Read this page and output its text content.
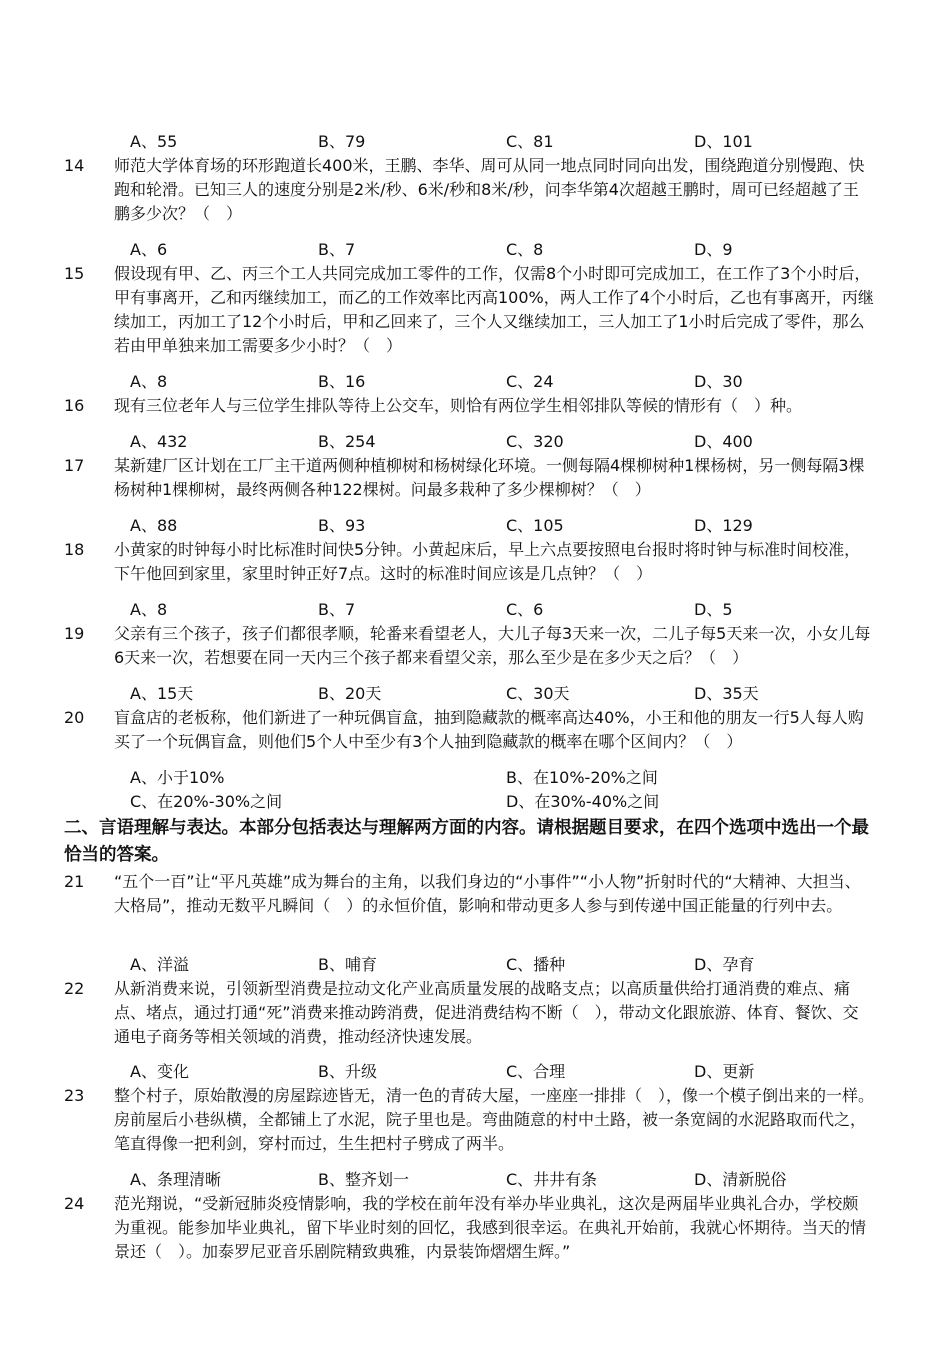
A、55	B、79	C、81	D、101
14	师范大学体育场的环形跑道长400米，王鹏、李华、周可从同一地点同时同向出发，围绕跑道分别慢跑、快跑和轮滑。已知三人的速度分别是2米/秒、6米/秒和8米/秒，问李华第4次超越王鹏时，周可已经超越了王鹏多少次？（　）
A、6	B、7	C、8	D、9
15	假设现有甲、乙、丙三个工人共同完成加工零件的工作，仅需8个小时即可完成加工，在工作了3个小时后，甲有事离开，乙和丙继续加工，而乙的工作效率比丙高100%，两人工作了4个小时后，乙也有事离开，丙继续加工，丙加工了12个小时后，甲和乙回来了，三个人又继续加工，三人加工了1小时后完成了零件，那么若由甲单独来加工需要多少小时？（　）
A、8	B、16	C、24	D、30
16	现有三位老年人与三位学生排队等待上公交车，则恰有两位学生相邻排队等候的情形有（　）种。
A、432	B、254	C、320	D、400
17	某新建厂区计划在工厂主干道两侧种植柳树和杨树绿化环境。一侧每隔4棵柳树种1棵杨树，另一侧每隔3棵杨树种1棵柳树，最终两侧各种122棵树。问最多栽种了多少棵柳树？（　）
A、88	B、93	C、105	D、129
18	小黄家的时钟每小时比标准时间快5分钟。小黄起床后，早上六点要按照电台报时将时钟与标准时间校准，下午他回到家里，家里时钟正好7点。这时的标准时间应该是几点钟？（　）
A、8	B、7	C、6	D、5
19	父亲有三个孩子，孩子们都很孝顺，轮番来看望老人，大儿子每3天来一次，二儿子每5天来一次，小女儿每6天来一次，若想要在同一天内三个孩子都来看望父亲，那么至少是在多少天之后？（　）
A、15天	B、20天	C、30天	D、35天
20	盲盒店的老板称，他们新进了一种玩偶盲盒，抽到隐藏款的概率高达40%，小王和他的朋友一行5人每人购买了一个玩偶盲盒，则他们5个人中至少有3个人抽到隐藏款的概率在哪个区间内？（　）
A、小于10%	B、在10%-20%之间
C、在20%-30%之间	D、在30%-40%之间
二、言语理解与表达。本部分包括表达与理解两方面的内容。请根据题目要求，在四个选项中选出一个最恰当的答案。
21	“五个一百”让“平凡英雄”成为舞台的主角，以我们身边的“小事件”“小人物”折射时代的“大精神、大担当、大格局”，推动无数平凡瞬间（　）的永恒价值，影响和带动更多人参与到传递中国正能量的行列中去。
A、洋溢	B、哺育	C、播种	D、孕育
22	从新消费来说，引领新型消费是拉动文化产业高质量发展的战略支点；以高质量供给打通消费的难点、痛点、堵点，通过打通“死”消费来推动跨消费，促进消费结构不断（　），带动文化跟旅游、体育、餐饮、交通电子商务等相关领域的消费，推动经济快速发展。
A、变化	B、升级	C、合理	D、更新
23	整个村子，原始散漫的房屋踪迹皆无，清一色的青砖大屋，一座座一排排（　），像一个模子倒出来的一样。房前屋后小巷纵横，全都铺上了水泥，院子里也是。弯曲随意的村中土路，被一条宽阔的水泥路取而代之，笔直得像一把利剑，穿村而过，生生把村子劈成了两半。
A、条理清晰	B、整齐划一	C、井井有条	D、清新脱俗
24	范光翔说，“受新冠肺炎疫情影响，我的学校在前年没有举办毕业典礼，这次是两届毕业典礼合办，学校颇为重视。能参加毕业典礼，留下毕业时刻的回忆，我感到很幸运。在典礼开始前，我就心怀期待。当天的情景还（　）。加泰罗尼亚音乐剧院精致典雅，内景装饰熠熠生辉。”
